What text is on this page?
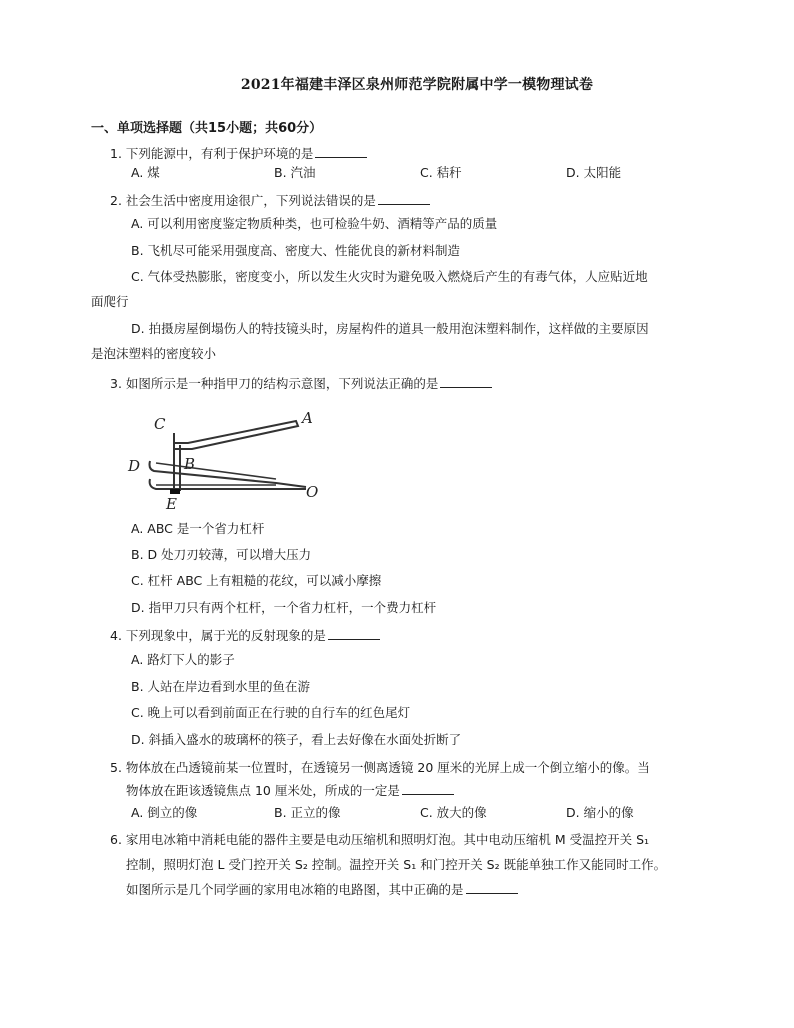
2021年福建丰泽区泉州师范学院附属中学一模物理试卷
一、单项选择题（共15小题；共60分）
1. 下列能源中，有利于保护环境的是
A. 煤	B. 汽油	C. 秸秆	D. 太阳能
2. 社会生活中密度用途很广，下列说法错误的是
A. 可以利用密度鉴定物质种类，也可检验牛奶、酒精等产品的质量
B. 飞机尽可能采用强度高、密度大、性能优良的新材料制造
C. 气体受热膨胀，密度变小，所以发生火灾时为避免吸入燃烧后产生的有毒气体，人应贴近地
面爬行
D. 拍摄房屋倒塌伤人的特技镜头时，房屋构件的道具一般用泡沫塑料制作，这样做的主要原因
是泡沫塑料的密度较小
3. 如图所示是一种指甲刀的结构示意图，下列说法正确的是
C	A
B
D
E
O
A. ABC 是一个省力杠杆
B. D 处刀刃较薄，可以增大压力
C. 杠杆 ABC 上有粗糙的花纹，可以减小摩擦
D. 指甲刀只有两个杠杆，一个省力杠杆，一个费力杠杆
4. 下列现象中，属于光的反射现象的是
A. 路灯下人的影子
B. 人站在岸边看到水里的鱼在游
C. 晚上可以看到前面正在行驶的自行车的红色尾灯
D. 斜插入盛水的玻璃杯的筷子，看上去好像在水面处折断了
5. 物体放在凸透镜前某一位置时，在透镜另一侧离透镜 20 厘米的光屏上成一个倒立缩小的像。当
物体放在距该透镜焦点 10 厘米处，所成的一定是
A. 倒立的像	B. 正立的像	C. 放大的像	D. 缩小的像
6. 家用电冰箱中消耗电能的器件主要是电动压缩机和照明灯泡。其中电动压缩机 M 受温控开关 S₁
控制，照明灯泡 L 受门控开关 S₂ 控制。温控开关 S₁ 和门控开关 S₂ 既能单独工作又能同时工作。
如图所示是几个同学画的家用电冰箱的电路图，其中正确的是
